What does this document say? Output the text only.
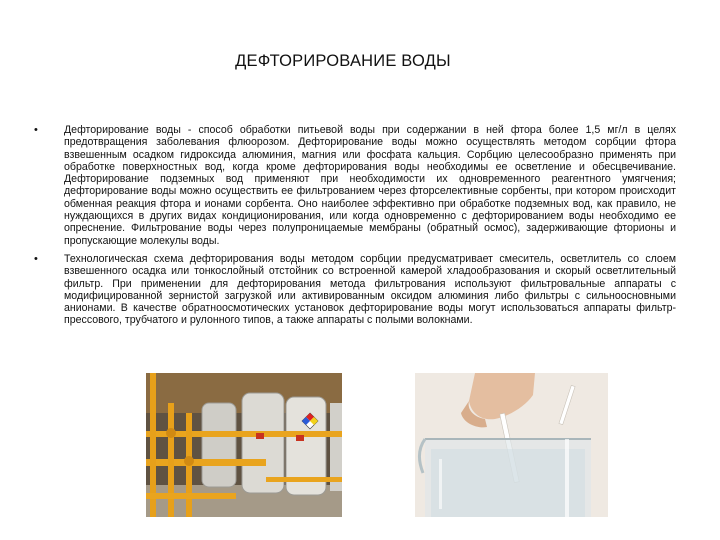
ДЕФТОРИРОВАНИЕ ВОДЫ
• Дефторирование воды - способ обработки питьевой воды при содержании в ней фтора более 1,5 мг/л в целях предотвращения заболевания флюорозом. Дефторирование воды можно осуществлять методом сорбции фтора взвешенным осадком гидроксида алюминия, магния или фосфата кальция. Сорбцию целесообразно применять при обработке поверхностных вод, когда кроме дефторирования воды необходимы ее осветление и обесцвечивание. Дефторирование подземных вод применяют при необходимости их одновременного реагентного умягчения; дефторирование воды можно осуществить ее фильтрованием через фторселективные сорбенты, при котором происходит обменная реакция фтора и ионами сорбента. Оно наиболее эффективно при обработке подземных вод, как правило, не нуждающихся в других видах кондиционирования, или когда одновременно с дефторированием воды необходимо ее опреснение. Фильтрование воды через полупроницаемые мембраны (обратный осмос), задерживающие фторионы и пропускающие молекулы воды.
• Технологическая схема дефторирования воды методом сорбции предусматривает смеситель, осветлитель со слоем взвешенного осадка или тонкослойный отстойник со встроенной камерой хладообразования и скорый осветлительный фильтр. При применении для дефторирования метода фильтрования используют фильтровальные аппараты с модифицированной зернистой загрузкой или активированным оксидом алюминия либо фильтры с сильноосновными анионами. В качестве обратноосмотических установок дефторирование воды могут использоваться аппараты фильтр-прессового, трубчатого и рулонного типов, а также аппараты с полыми волокнами.
